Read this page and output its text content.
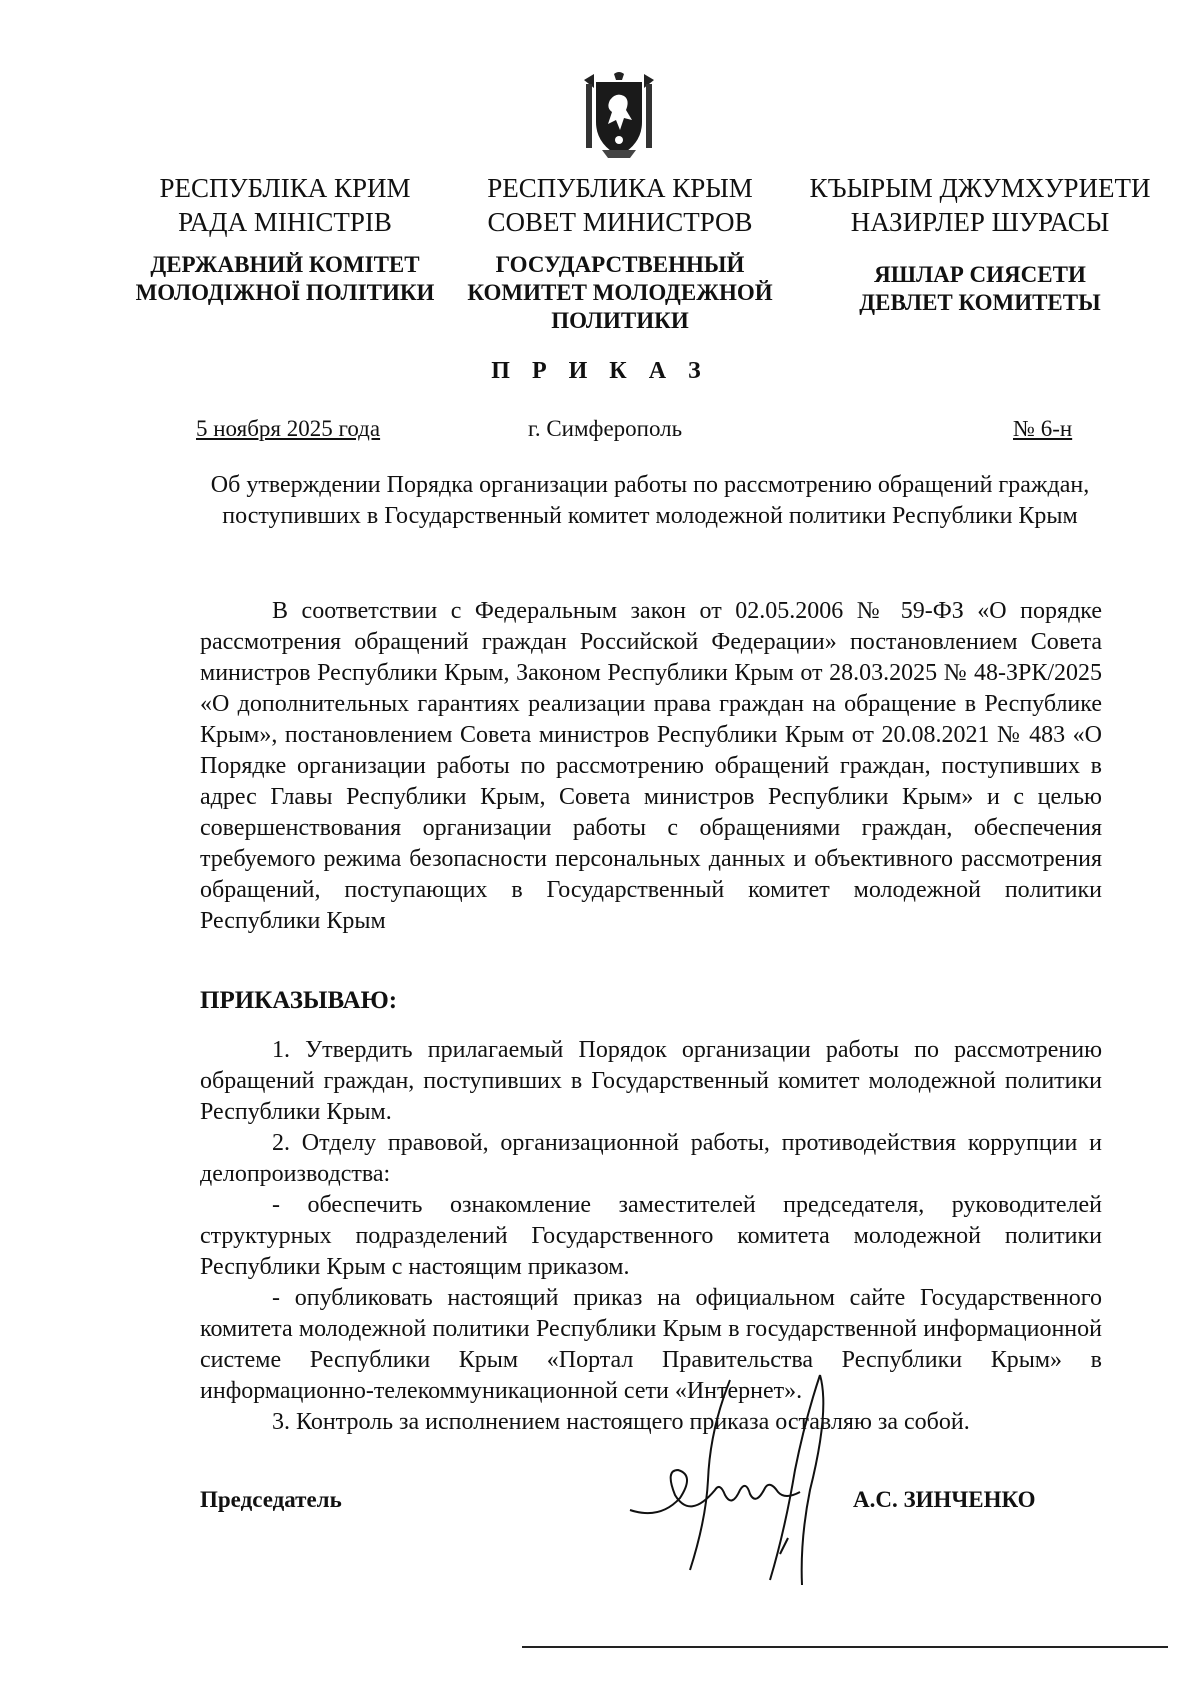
РЕСПУБЛІКА КРИМ
РАДА МІНІСТРІВ
ДЕРЖАВНИЙ КОМІТЕТ
МОЛОДІЖНОЇ ПОЛІТИКИ
РЕСПУБЛИКА КРЫМ
СОВЕТ МИНИСТРОВ
ГОСУДАРСТВЕННЫЙ
КОМИТЕТ МОЛОДЕЖНОЙ
ПОЛИТИКИ
КЪЫРЫМ ДЖУМХУРИЕТИ
НАЗИРЛЕР ШУРАСЫ
ЯШЛАР СИЯСЕТИ
ДЕВЛЕТ КОМИТЕТЫ
П Р И К А З
5 ноября 2025 года	г. Симферополь	№ 6-н
Об утверждении Порядка организации работы по рассмотрению обращений граждан, поступивших в Государственный комитет молодежной политики Республики Крым

В соответствии с Федеральным закон от 02.05.2006 № 59-ФЗ «О порядке рассмотрения обращений граждан Российской Федерации» постановлением Совета министров Республики Крым, Законом Республики Крым от 28.03.2025 № 48-ЗРК/2025 «О дополнительных гарантиях реализации права граждан на обращение в Республике Крым», постановлением Совета министров Республики Крым от 20.08.2021 № 483 «О Порядке организации работы по рассмотрению обращений граждан, поступивших в адрес Главы Республики Крым, Совета министров Республики Крым» и с целью совершенствования организации работы с обращениями граждан, обеспечения требуемого режима безопасности персональных данных и объективного рассмотрения обращений, поступающих в Государственный комитет молодежной политики Республики Крым

ПРИКАЗЫВАЮ:

1. Утвердить прилагаемый Порядок организации работы по рассмотрению обращений граждан, поступивших в Государственный комитет молодежной политики Республики Крым.

2. Отделу правовой, организационной работы, противодействия коррупции и делопроизводства:

- обеспечить ознакомление заместителей председателя, руководителей структурных подразделений Государственного комитета молодежной политики Республики Крым с настоящим приказом.

- опубликовать настоящий приказ на официальном сайте Государственного комитета молодежной политики Республики Крым в государственной информационной системе Республики Крым «Портал Правительства Республики Крым» в информационно-телекоммуникационной сети «Интернет».

3. Контроль за исполнением настоящего приказа оставляю за собой.

Председатель	А.С. ЗИНЧЕНКО
